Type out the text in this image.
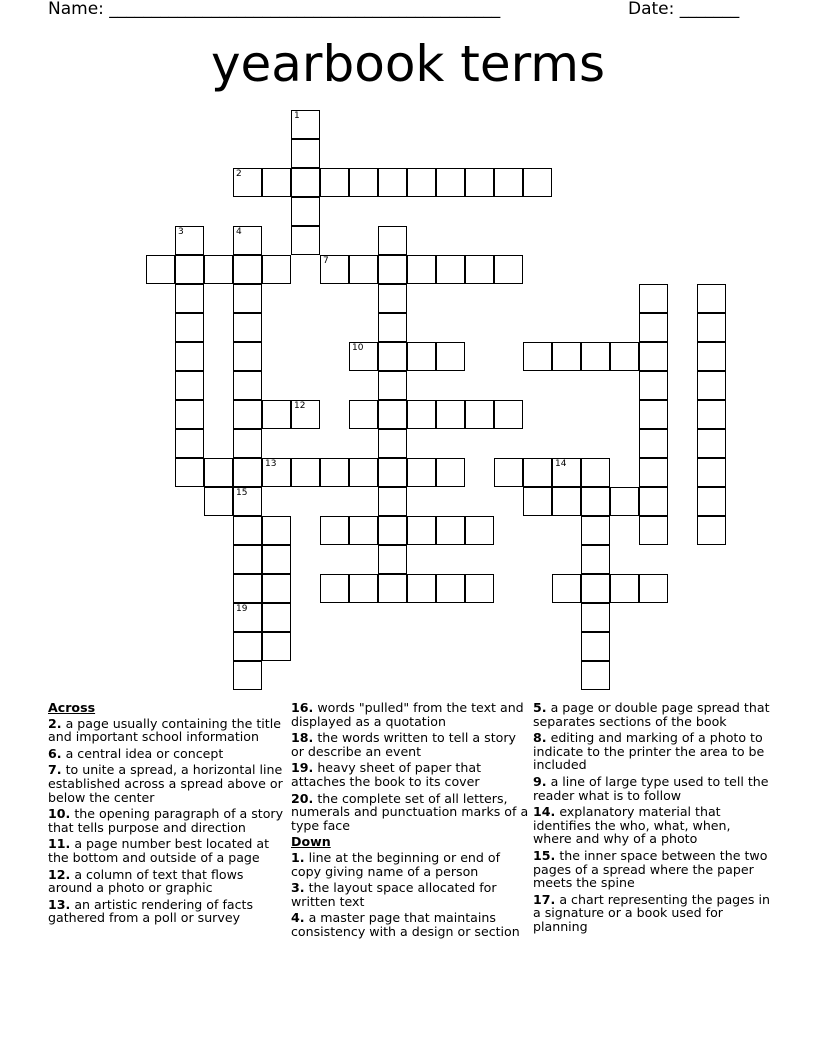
Name: ______________________________________________	Date: _______
yearbook terms
1
2
3	4
15
19
7
10
12
13	14
Across
2. a page usually containing the title and important school information
6. a central idea or concept
7. to unite a spread, a horizontal line established across a spread above or below the center
10. the opening paragraph of a story that tells purpose and direction
11. a page number best located at the bottom and outside of a page
12. a column of text that flows around a photo or graphic
13. an artistic rendering of facts gathered from a poll or survey
16. words "pulled" from the text and displayed as a quotation
18. the words written to tell a story or describe an event
19. heavy sheet of paper that attaches the book to its cover
20. the complete set of all letters, numerals and punctuation marks of a type face
Down
1. line at the beginning or end of copy giving name of a person
3. the layout space allocated for written text
4. a master page that maintains consistency with a design or section
5. a page or double page spread that separates sections of the book
8. editing and marking of a photo to indicate to the printer the area to be included
9. a line of large type used to tell the reader what is to follow
14. explanatory material that identifies the who, what, when, where and why of a photo
15. the inner space between the two pages of a spread where the paper meets the spine
17. a chart representing the pages in a signature or a book used for planning
